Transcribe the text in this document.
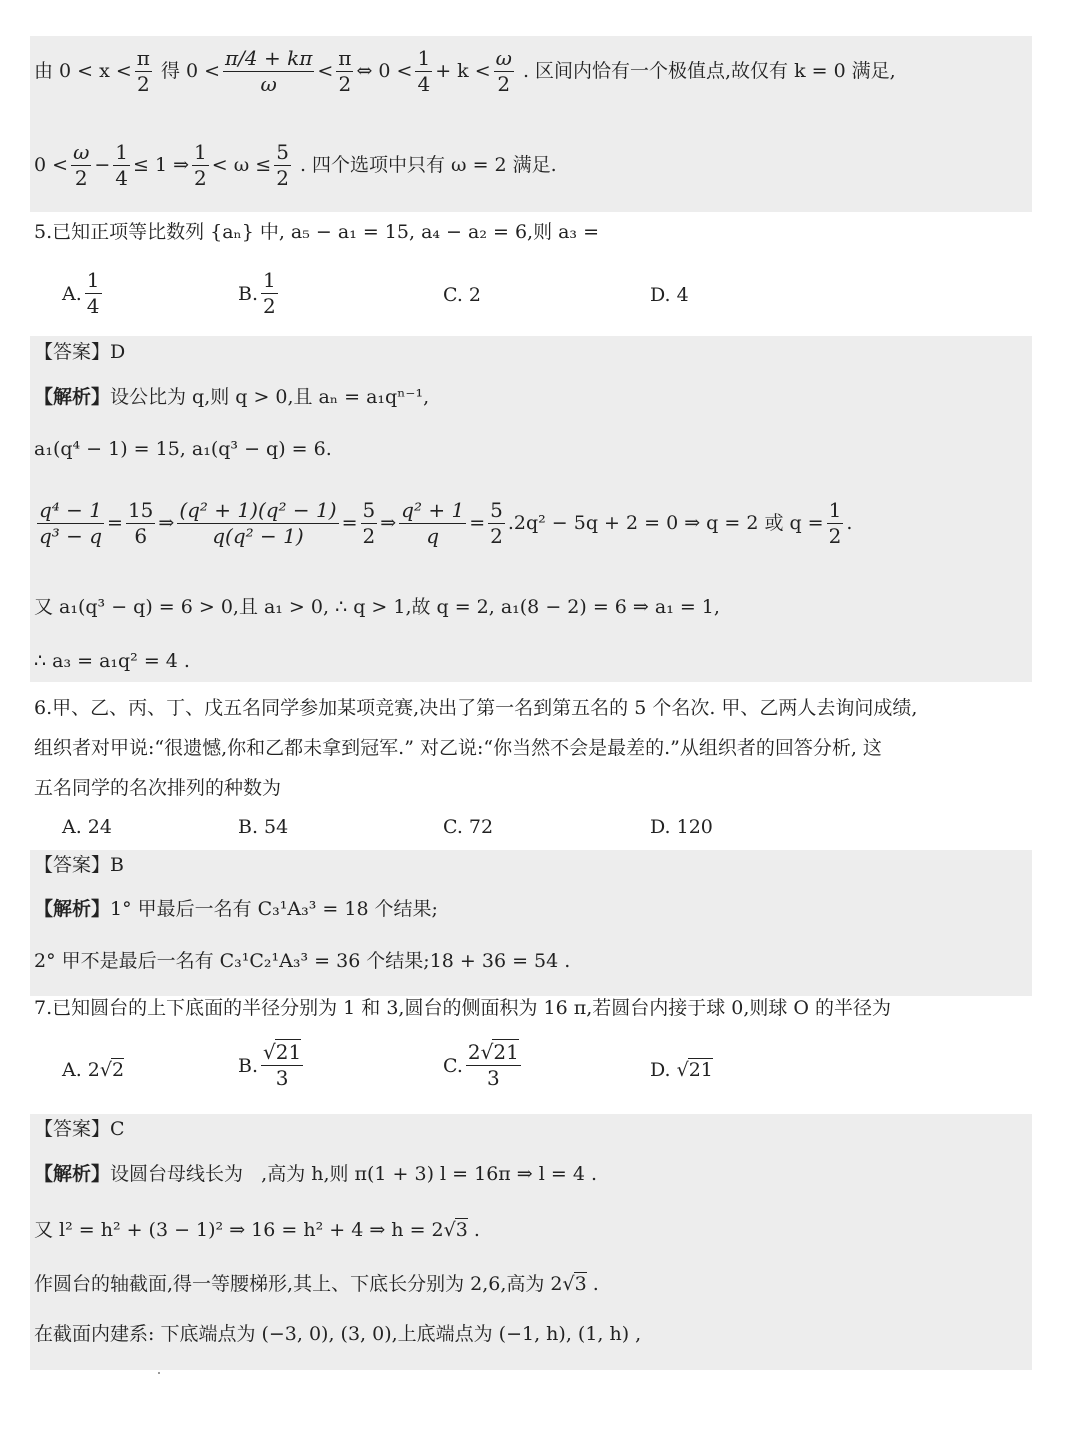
由 $0 < x < \frac{\pi}{2}$ 得 $0 < \frac{\pi/4 + k\pi}{\omega} < \frac{\pi}{2}$ ⇔ $0 < \frac{1}{4} + k < \frac{\omega}{2}$ . 区间内恰有一个极值点,故仅有 k = 0 满足,
$0 < \frac{\omega}{2} - \frac{1}{4} \le 1$ ⇒ $\frac{1}{2} < \omega \le \frac{5}{2}$ . 四个选项中只有 ω = 2 满足.
5.已知正项等比数列 {aₙ} 中, a₅ − a₁ = 15, a₄ − a₂ = 6 ,则 a₃ =
A. $\frac{1}{4}$	B. $\frac{1}{2}$	C. 2	D. 4
【答案】D
【解析】 设公比为 q ,则 q > 0 ,且 aₙ = a₁qⁿ⁻¹ ,
a₁(q⁴ − 1) = 15, a₁(q³ − q) = 6.
$\frac{\text{q⁴ − 1}}{\text{q³ − q}} = \frac{15}{6}$ ⇒ $\frac{\text{(q² + 1)(q² − 1)}}{\text{q(q² − 1)}} = \frac{5}{2}$ ⇒ $\frac{\text{q² + 1}}{q} = \frac{5}{2} .2q^2 - 5q + 2 = 0$ ⇒ q = 2 或 $q = \frac{1}{2}$ .
又 a₁(q³ − q) = 6 > 0 ,且 a₁ > 0, ∴ q > 1 ,故 q = 2, a₁(8 − 2) = 6 ⇒ a₁ = 1 ,
∴ a₃ = a₁q² = 4 .
6.甲、乙、丙、丁、戊五名同学参加某项竞赛,决出了第一名到第五名的 5 个名次. 甲、乙两人去询问成绩,
组织者对甲说:“很遗憾,你和乙都未拿到冠军.” 对乙说:“你当然不会是最差的.”从组织者的回答分析, 这
五名同学的名次排列的种数为
A. 24	B. 54	C. 72	D. 120
【答案】B
【解析】 1° 甲最后一名有 C₃¹A₃³ = 18 个结果;
2° 甲不是最后一名有 C₃¹C₂¹A₃³ = 36 个结果; 18 + 36 = 54 .
7.已知圆台的上下底面的半径分别为 1 和 3,圆台的侧面积为 16 π,若圆台内接于球 0,则球 O 的半径为
A. 2 √ 2	B. $\frac{√21}{3}$	C. $\frac{2√21}{3}$	D. √ 21
【答案】C
【解析】 设圆台母线长为 ,高为 h ,则 π(1 + 3) l = 16π ⇒ l = 4 .
又 l² = h² + (3 − 1)² ⇒ 16 = h² + 4 ⇒ h = 2 √ 3 .
作圆台的轴截面,得一等腰梯形,其上、下底长分别为 2,6,高为 2 √ 3 .
在截面内建系: 下底端点为 (−3, 0), (3, 0) ,上底端点为 (−1, h), (1, h) ,
